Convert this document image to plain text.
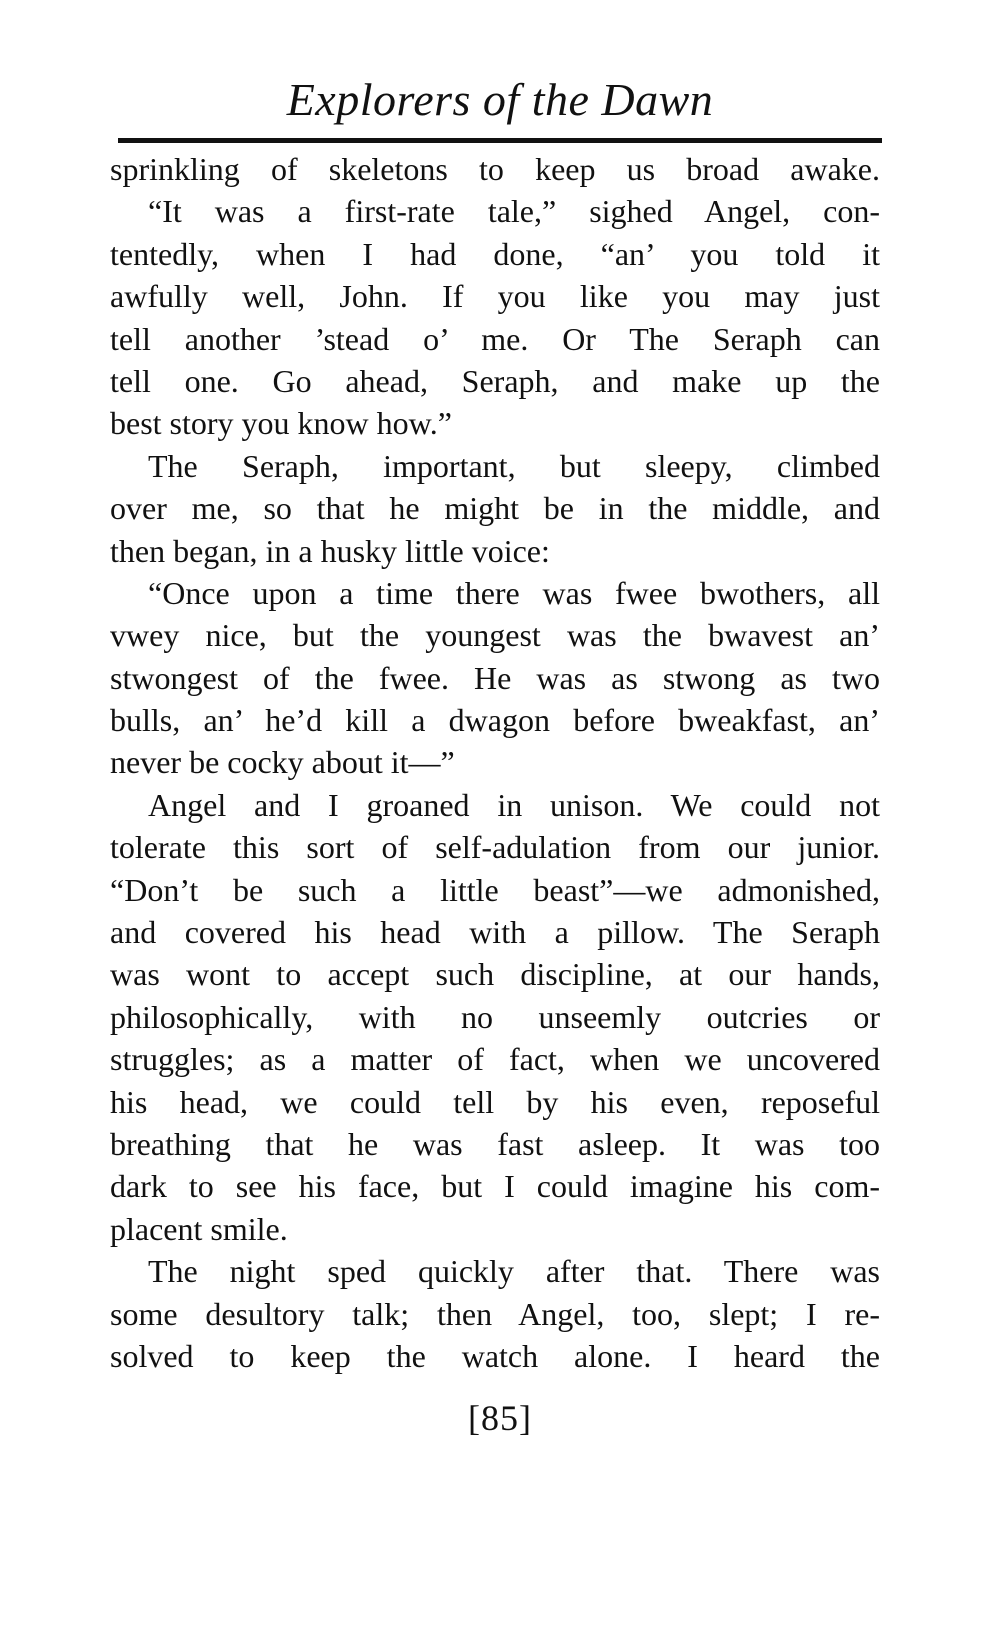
Explorers of the Dawn
sprinkling of skeletons to keep us broad awake.
“It was a first-rate tale,” sighed Angel, con-
tentedly, when I had done, “an’ you told it
awfully well, John. If you like you may just
tell another ’stead o’ me. Or The Seraph can
tell one. Go ahead, Seraph, and make up the
best story you know how.”
The Seraph, important, but sleepy, climbed
over me, so that he might be in the middle, and
then began, in a husky little voice:
“Once upon a time there was fwee bwothers, all
vwey nice, but the youngest was the bwavest an’
stwongest of the fwee. He was as stwong as two
bulls, an’ he’d kill a dwagon before bweakfast, an’
never be cocky about it—”
Angel and I groaned in unison. We could not
tolerate this sort of self-adulation from our junior.
“Don’t be such a little beast”—we admonished,
and covered his head with a pillow. The Seraph
was wont to accept such discipline, at our hands,
philosophically, with no unseemly outcries or
struggles; as a matter of fact, when we uncovered
his head, we could tell by his even, reposeful
breathing that he was fast asleep. It was too
dark to see his face, but I could imagine his com-
placent smile.
The night sped quickly after that. There was
some desultory talk; then Angel, too, slept; I re-
solved to keep the watch alone. I heard the
[85]
